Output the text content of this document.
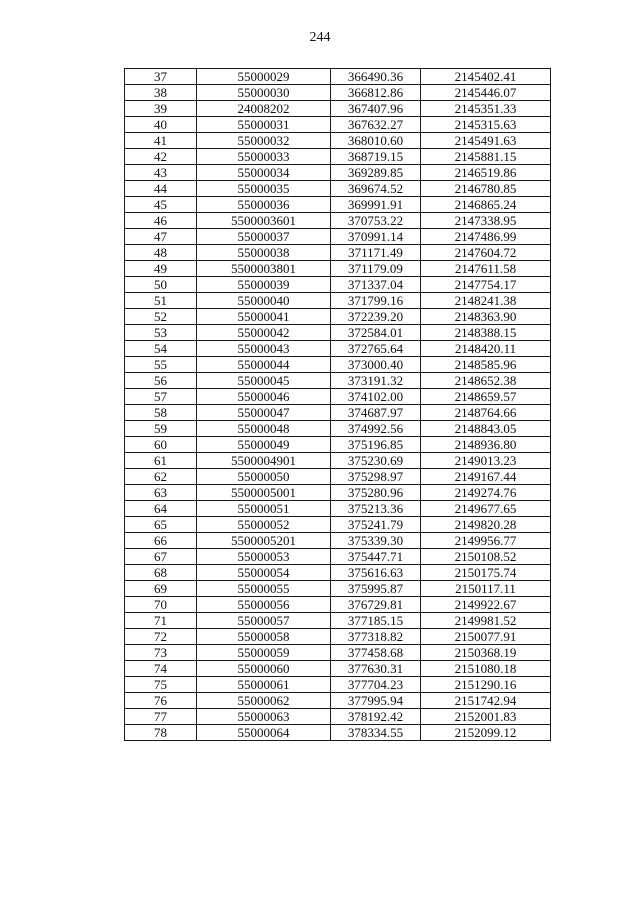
244
37	55000029	366490.36	2145402.41
38	55000030	366812.86	2145446.07
39	24008202	367407.96	2145351.33
40	55000031	367632.27	2145315.63
41	55000032	368010.60	2145491.63
42	55000033	368719.15	2145881.15
43	55000034	369289.85	2146519.86
44	55000035	369674.52	2146780.85
45	55000036	369991.91	2146865.24
46	5500003601	370753.22	2147338.95
47	55000037	370991.14	2147486.99
48	55000038	371171.49	2147604.72
49	5500003801	371179.09	2147611.58
50	55000039	371337.04	2147754.17
51	55000040	371799.16	2148241.38
52	55000041	372239.20	2148363.90
53	55000042	372584.01	2148388.15
54	55000043	372765.64	2148420.11
55	55000044	373000.40	2148585.96
56	55000045	373191.32	2148652.38
57	55000046	374102.00	2148659.57
58	55000047	374687.97	2148764.66
59	55000048	374992.56	2148843.05
60	55000049	375196.85	2148936.80
61	5500004901	375230.69	2149013.23
62	55000050	375298.97	2149167.44
63	5500005001	375280.96	2149274.76
64	55000051	375213.36	2149677.65
65	55000052	375241.79	2149820.28
66	5500005201	375339.30	2149956.77
67	55000053	375447.71	2150108.52
68	55000054	375616.63	2150175.74
69	55000055	375995.87	2150117.11
70	55000056	376729.81	2149922.67
71	55000057	377185.15	2149981.52
72	55000058	377318.82	2150077.91
73	55000059	377458.68	2150368.19
74	55000060	377630.31	2151080.18
75	55000061	377704.23	2151290.16
76	55000062	377995.94	2151742.94
77	55000063	378192.42	2152001.83
78	55000064	378334.55	2152099.12
